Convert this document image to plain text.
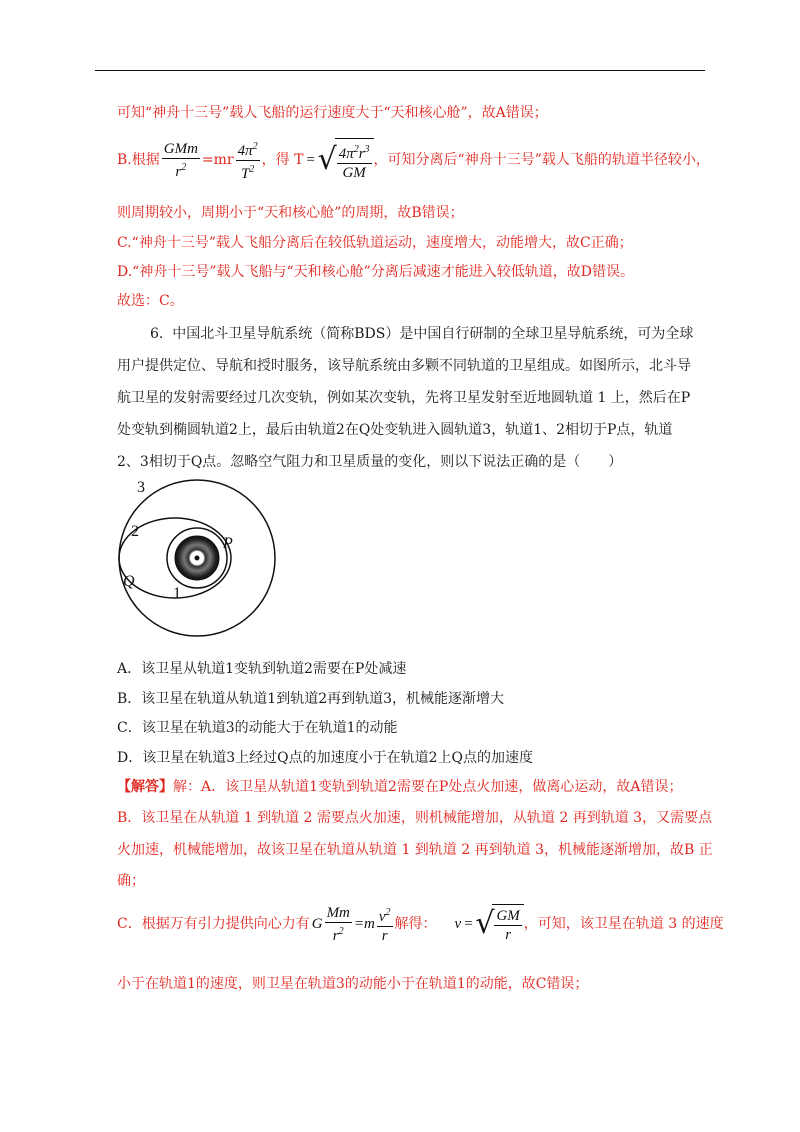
可知“神舟十三号”载人飞船的运行速度大于“天和核心舱”，故A错误；
B.根据 $\frac{\text{GMm}}{r^2} =mr \frac{4\pi^2}{T^2}$ ，得 T = √ $\frac{4\pi^2r^3}{GM}$ ，可知分离后“神舟十三号”载人飞船的轨道半径较小，
则周期较小，周期小于“天和核心舱”的周期，故B错误；
C.“神舟十三号”载人飞船分离后在较低轨道运动，速度增大，动能增大，故C正确；
D.“神舟十三号”载人飞船与“天和核心舱”分离后减速才能进入较低轨道，故D错误。
故选：C。
6. 中国北斗卫星导航系统（简称BDS）是中国自行研制的全球卫星导航系统，可为全球
用户提供定位、导航和授时服务，该导航系统由多颗不同轨道的卫星组成。如图所示，北斗导
航卫星的发射需要经过几次变轨，例如某次变轨，先将卫星发射至近地圆轨道 1 上，然后在P
处变轨到椭圆轨道2上，最后由轨道2在Q处变轨进入圆轨道3，轨道1、2相切于P点，轨道
2、3相切于Q点。忽略空气阻力和卫星质量的变化，则以下说法正确的是（　　）
3
2
1
P
Q
A．该卫星从轨道1变轨到轨道2需要在P处减速
B．该卫星在轨道从轨道1到轨道2再到轨道3，机械能逐渐增大
C．该卫星在轨道3的动能大于在轨道1的动能
D．该卫星在轨道3上经过Q点的加速度小于在轨道2上Q点的加速度
【解答】解：A．该卫星从轨道1变轨到轨道2需要在P处点火加速，做离心运动，故A错误；
B．该卫星在从轨道 1 到轨道 2 需要点火加速，则机械能增加，从轨道 2 再到轨道 3，又需要点
火加速，机械能增加，故该卫星在轨道从轨道 1 到轨道 2 再到轨道 3，机械能逐渐增加，故B 正
确；
C．根据万有引力提供向心力有 G $\frac{Mm}{r^2} =m \frac{v^2}{r}$ 解得： v = √ $\frac{GM}{r}$ ，可知，该卫星在轨道 3 的速度
小于在轨道1的速度，则卫星在轨道3的动能小于在轨道1的动能，故C错误；
